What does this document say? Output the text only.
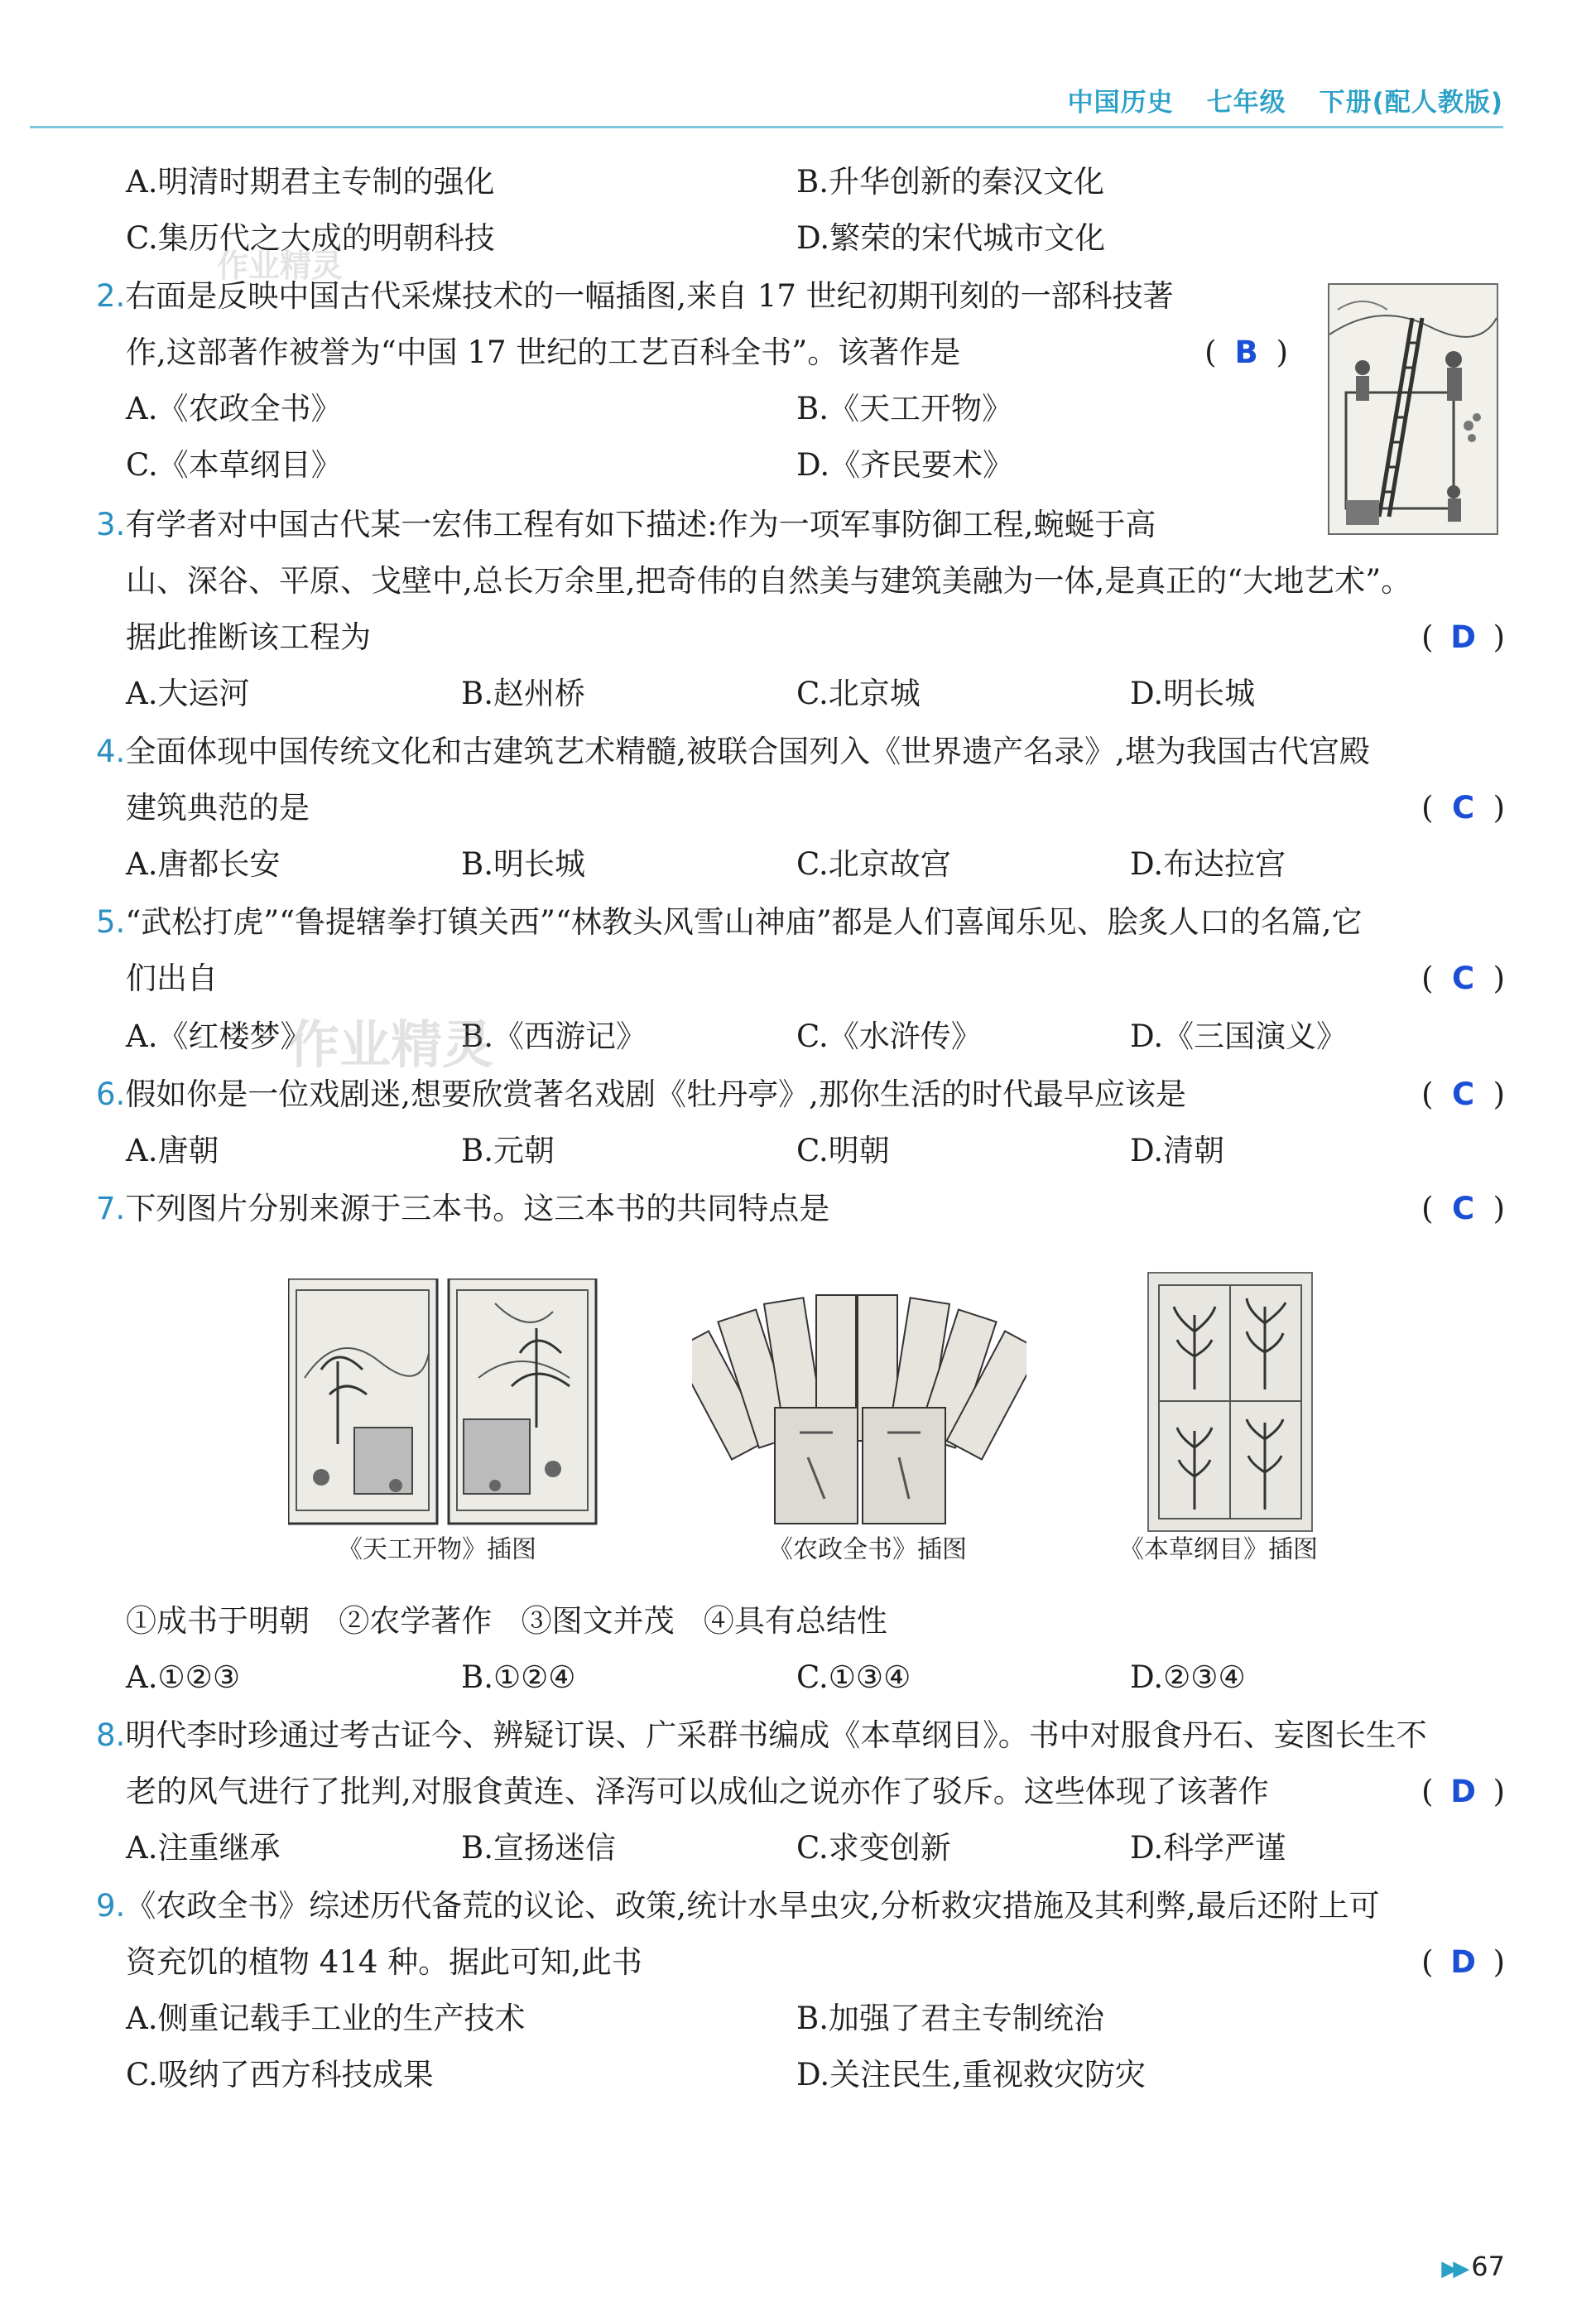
中国历史 七年级 下册(配人教版)
A.明清时期君主专制的强化	B.升华创新的秦汉文化
C.集历代之大成的明朝科技	D.繁荣的宋代城市文化
2.右面是反映中国古代采煤技术的一幅插图,来自 17 世纪初期刊刻的一部科技著
作,这部著作被誉为“中国 17 世纪的工艺百科全书”。该著作是	( B )
A.《农政全书》	B.《天工开物》
C.《本草纲目》	D.《齐民要术》
3.有学者对中国古代某一宏伟工程有如下描述:作为一项军事防御工程,蜿蜒于高
山、深谷、平原、戈壁中,总长万余里,把奇伟的自然美与建筑美融为一体,是真正的“大地艺术”。
据此推断该工程为	( D )
A.大运河	B.赵州桥	C.北京城	D.明长城
4.全面体现中国传统文化和古建筑艺术精髓,被联合国列入《世界遗产名录》,堪为我国古代宫殿
建筑典范的是	( C )
A.唐都长安	B.明长城	C.北京故宫	D.布达拉宫
5.“武松打虎”“鲁提辖拳打镇关西”“林教头风雪山神庙”都是人们喜闻乐见、脍炙人口的名篇,它
们出自	( C )
A.《红楼梦》	B.《西游记》	C.《水浒传》	D.《三国演义》
6.假如你是一位戏剧迷,想要欣赏著名戏剧《牡丹亭》,那你生活的时代最早应该是	( C )
A.唐朝	B.元朝	C.明朝	D.清朝
7.下列图片分别来源于三本书。这三本书的共同特点是	( C )
《天工开物》插图	《农政全书》插图	《本草纲目》插图
①成书于明朝   ②农学著作   ③图文并茂   ④具有总结性
A.①②③	B.①②④	C.①③④	D.②③④
8.明代李时珍通过考古证今、辨疑订误、广采群书编成《本草纲目》。书中对服食丹石、妄图长生不
老的风气进行了批判,对服食黄连、泽泻可以成仙之说亦作了驳斥。这些体现了该著作	( D )
A.注重继承	B.宣扬迷信	C.求变创新	D.科学严谨
9.《农政全书》综述历代备荒的议论、政策,统计水旱虫灾,分析救灾措施及其利弊,最后还附上可
资充饥的植物 414 种。据此可知,此书	( D )
A.侧重记载手工业的生产技术	B.加强了君主专制统治
C.吸纳了西方科技成果	D.关注民生,重视救灾防灾
作业精灵
作业精灵
▶▶ 67
